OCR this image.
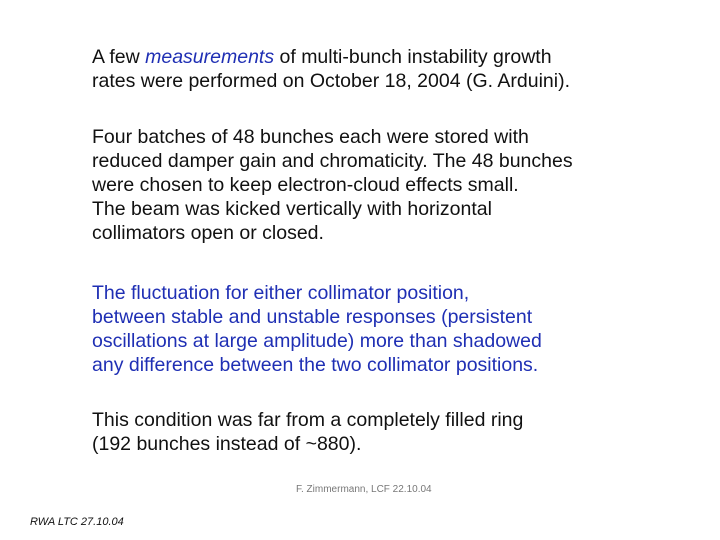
A few measurements of multi-bunch instability growth
rates were performed on October 18, 2004 (G. Arduini).

Four batches of 48 bunches each were stored with
reduced damper gain and chromaticity. The 48 bunches
were chosen to keep electron-cloud effects small.
The beam was kicked vertically with horizontal
collimators open or closed.

The fluctuation for either collimator position,
between stable and unstable responses (persistent
oscillations at large amplitude) more than shadowed
any difference between the two collimator positions.

This condition was far from a completely filled ring
(192 bunches instead of ~880).

F. Zimmermann, LCF 22.10.04
RWA LTC 27.10.04
